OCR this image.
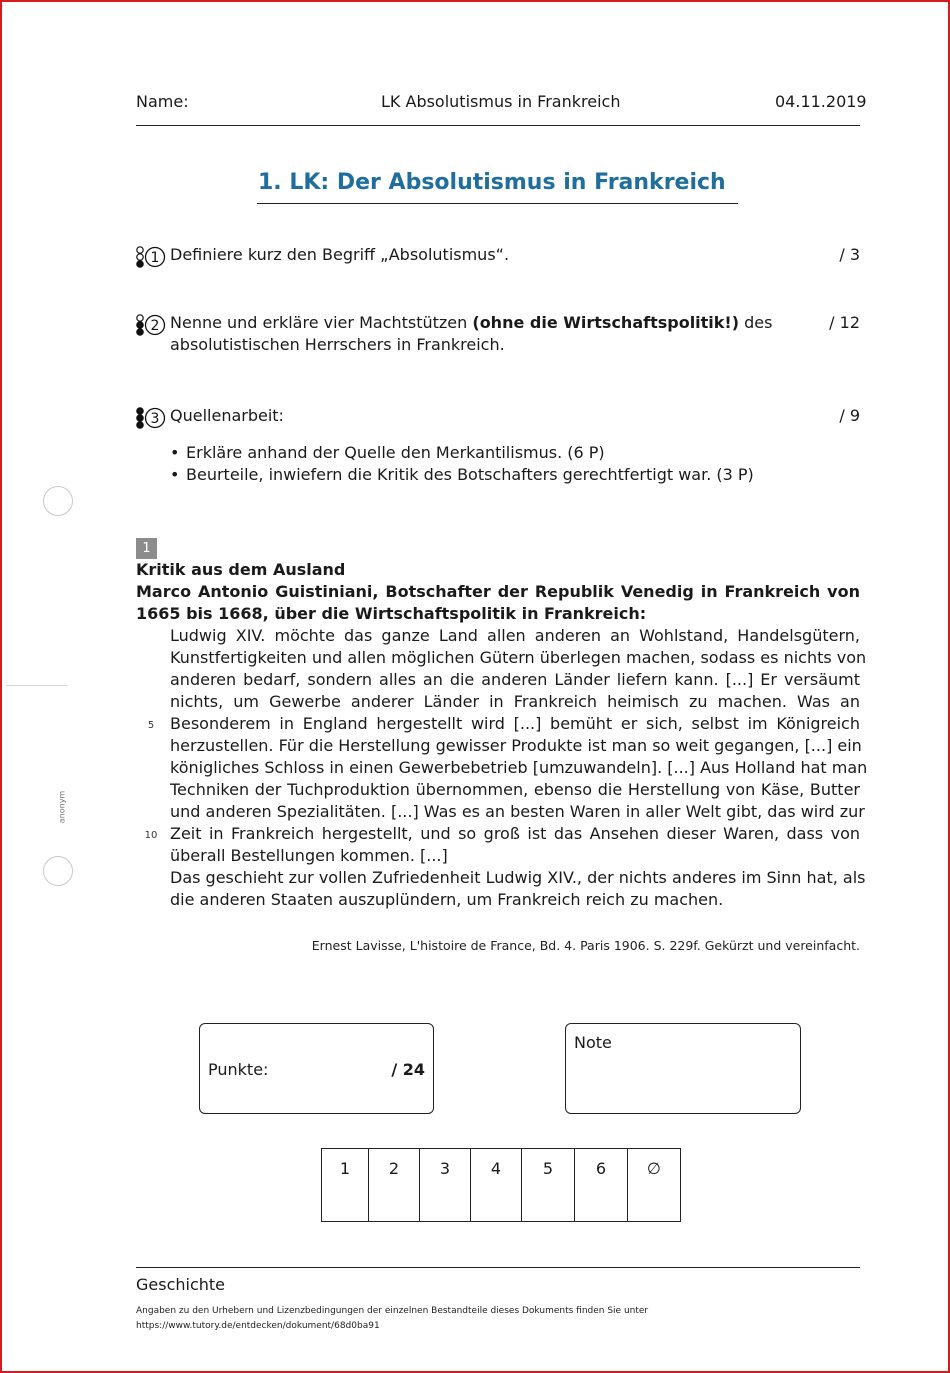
Name:	LK Absolutismus in Frankreich	04.11.2019
1. LK: Der Absolutismus in Frankreich
1 Definiere kurz den Begriff „Absolutismus“.	/ 3
2 Nenne und erkläre vier Machtstützen (ohne die Wirtschaftspolitik!) des absolutistischen Herrschers in Frankreich.
/ 12
3 Quellenarbeit:	/ 9
• Erkläre anhand der Quelle den Merkantilismus. (6 P)
• Beurteile, inwiefern die Kritik des Botschafters gerechtfertigt war. (3 P)
anonym
1
Kritik aus dem Ausland
Marco Antonio Guistiniani, Botschafter der Republik Venedig in Frankreich von 1665 bis 1668, über die Wirtschaftspolitik in Frankreich:
5
10
Ludwig XIV. möchte das ganze Land allen anderen an Wohlstand, Handelsgütern,
Kunstfertigkeiten und allen möglichen Gütern überlegen machen, sodass es nichts von
anderen bedarf, sondern alles an die anderen Länder liefern kann. [...] Er versäumt
nichts, um Gewerbe anderer Länder in Frankreich heimisch zu machen. Was an
Besonderem in England hergestellt wird [...] bemüht er sich, selbst im Königreich
herzustellen. Für die Herstellung gewisser Produkte ist man so weit gegangen, [...] ein
königliches Schloss in einen Gewerbebetrieb [umzuwandeln]. [...] Aus Holland hat man
Techniken der Tuchproduktion übernommen, ebenso die Herstellung von Käse, Butter
und anderen Spezialitäten. [...] Was es an besten Waren in aller Welt gibt, das wird zur
Zeit in Frankreich hergestellt, und so groß ist das Ansehen dieser Waren, dass von
überall Bestellungen kommen. [...]
Das geschieht zur vollen Zufriedenheit Ludwig XIV., der nichts anderes im Sinn hat, als
die anderen Staaten auszuplündern, um Frankreich reich zu machen.
Ernest Lavisse, L'histoire de France, Bd. 4. Paris 1906. S. 229f. Gekürzt und vereinfacht.
Punkte:	/ 24
Note
1	2	3	4	5	6	∅
Geschichte
Angaben zu den Urhebern und Lizenzbedingungen der einzelnen Bestandteile dieses Dokuments finden Sie unter
https://www.tutory.de/entdecken/dokument/68d0ba91
